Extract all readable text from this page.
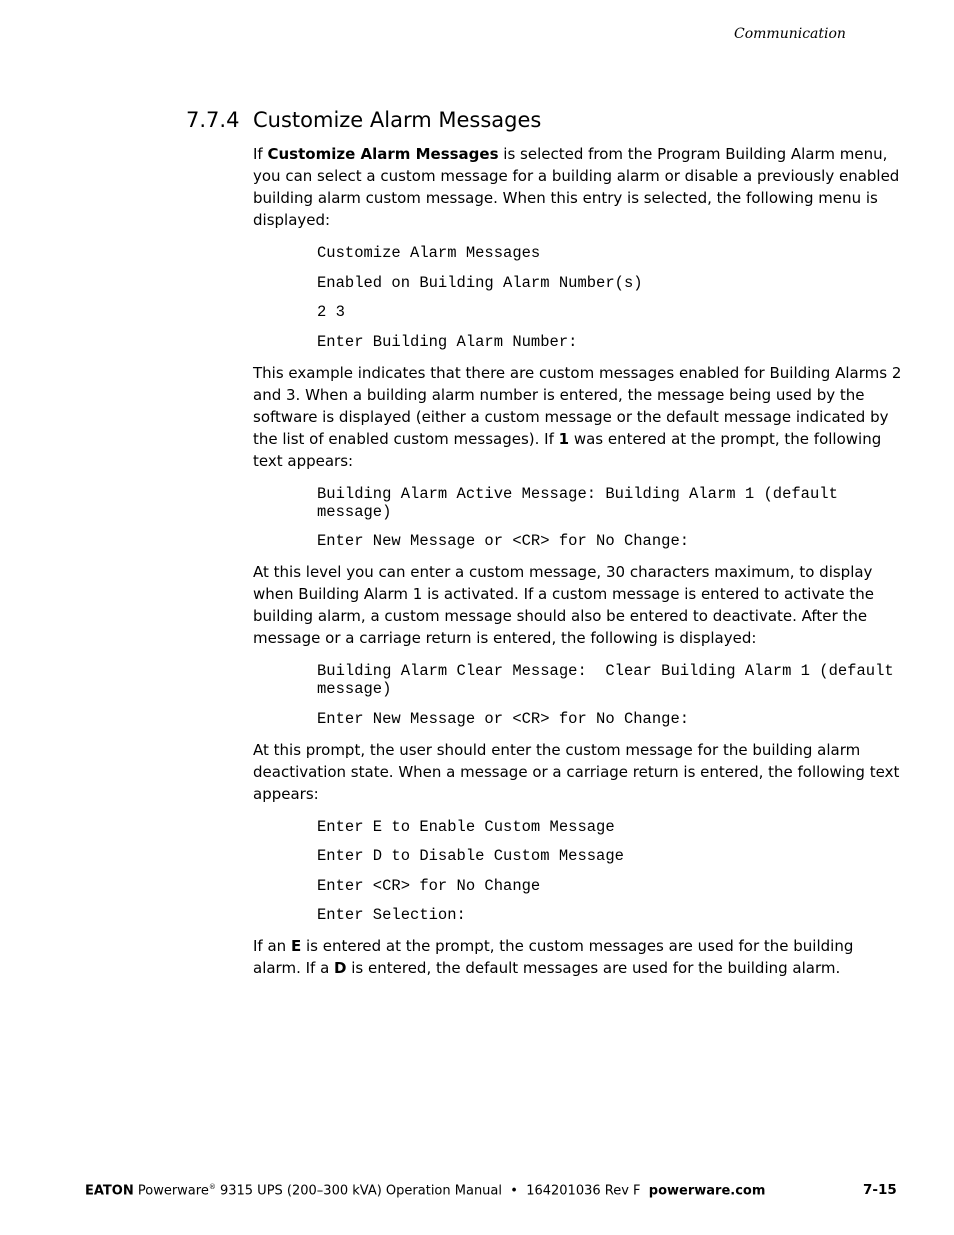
Communication
7.7.4 Customize Alarm Messages

If Customize Alarm Messages is selected from the Program Building Alarm menu, you can select a custom message for a building alarm or disable a previously enabled building alarm custom message. When this entry is selected, the following menu is displayed:

Customize Alarm Messages
Enabled on Building Alarm Number(s)
2 3
Enter Building Alarm Number:

This example indicates that there are custom messages enabled for Building Alarms 2 and 3. When a building alarm number is entered, the message being used by the software is displayed (either a custom message or the default message indicated by the list of enabled custom messages). If 1 was entered at the prompt, the following text appears:

Building Alarm Active Message: Building Alarm 1 (default message)
Enter New Message or <CR> for No Change:

At this level you can enter a custom message, 30 characters maximum, to display when Building Alarm 1 is activated. If a custom message is entered to activate the building alarm, a custom message should also be entered to deactivate. After the message or a carriage return is entered, the following is displayed:

Building Alarm Clear Message:  Clear Building Alarm 1 (default message)
Enter New Message or <CR> for No Change:

At this prompt, the user should enter the custom message for the building alarm deactivation state. When a message or a carriage return is entered, the following text appears:

Enter E to Enable Custom Message
Enter D to Disable Custom Message
Enter <CR> for No Change
Enter Selection:

If an E is entered at the prompt, the custom messages are used for the building alarm. If a D is entered, the default messages are used for the building alarm.

EATON Powerware® 9315 UPS (200–300 kVA) Operation Manual  •  164201036 Rev F  powerware.com	7-15
